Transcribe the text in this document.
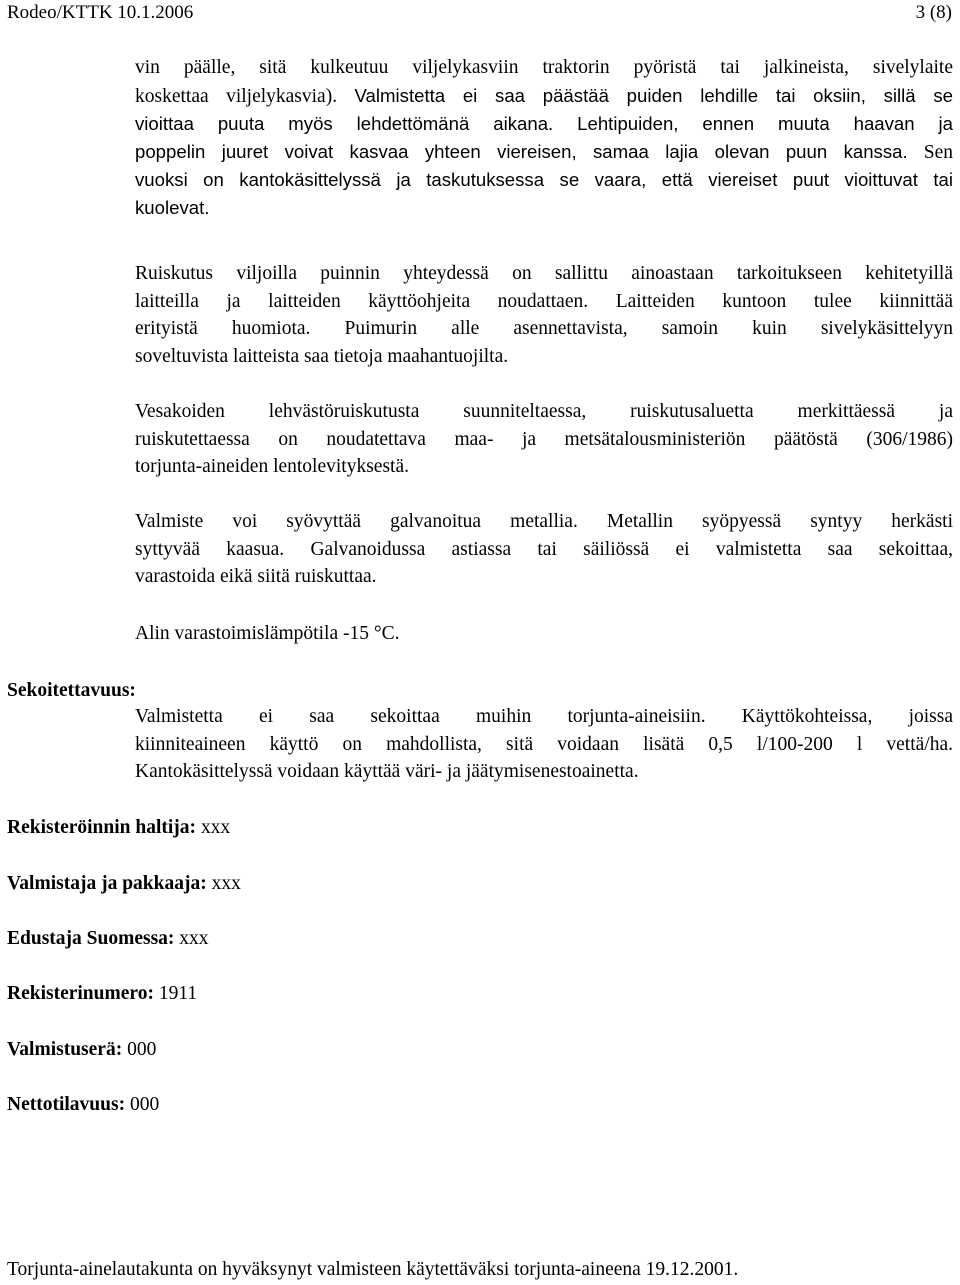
Rodeo/KTTK 10.1.2006	3 (8)
vin päälle, sitä kulkeutuu viljelykasviin traktorin pyöristä tai jalkineista, sivelylaite
koskettaa viljelykasvia). Valmistetta ei saa päästää puiden lehdille tai oksiin, sillä se
vioittaa puuta myös lehdettömänä aikana. Lehtipuiden, ennen muuta haavan ja
poppelin juuret voivat kasvaa yhteen viereisen, samaa lajia olevan puun kanssa. Sen
vuoksi on kantokäsittelyssä ja taskutuksessa se vaara, että viereiset puut vioittuvat tai
kuolevat.
Ruiskutus viljoilla puinnin yhteydessä on sallittu ainoastaan tarkoitukseen kehitetyillä
laitteilla ja laitteiden käyttöohjeita noudattaen. Laitteiden kuntoon tulee kiinnittää
erityistä huomiota. Puimurin alle asennettavista, samoin kuin sivelykäsittelyyn
soveltuvista laitteista saa tietoja maahantuojilta.
Vesakoiden lehvästöruiskutusta suunniteltaessa, ruiskutusaluetta merkittäessä ja
ruiskutettaessa on noudatettava maa- ja metsätalousministeriön päätöstä (306/1986)
torjunta-aineiden lentolevityksestä.
Valmiste voi syövyttää galvanoitua metallia. Metallin syöpyessä syntyy herkästi
syttyvää kaasua. Galvanoidussa astiassa tai säiliössä ei valmistetta saa sekoittaa,
varastoida eikä siitä ruiskuttaa.
Alin varastoimislämpötila -15 °C.
Sekoitettavuus:
Valmistetta ei saa sekoittaa muihin torjunta-aineisiin. Käyttökohteissa, joissa
kiinniteaineen käyttö on mahdollista, sitä voidaan lisätä 0,5 l/100-200 l vettä/ha.
Kantokäsittelyssä voidaan käyttää väri- ja jäätymisenestoainetta.
Rekisteröinnin haltija: xxx
Valmistaja ja pakkaaja: xxx
Edustaja Suomessa: xxx
Rekisterinumero: 1911
Valmistuserä: 000
Nettotilavuus: 000
Torjunta-ainelautakunta on hyväksynyt valmisteen käytettäväksi torjunta-aineena 19.12.2001.
